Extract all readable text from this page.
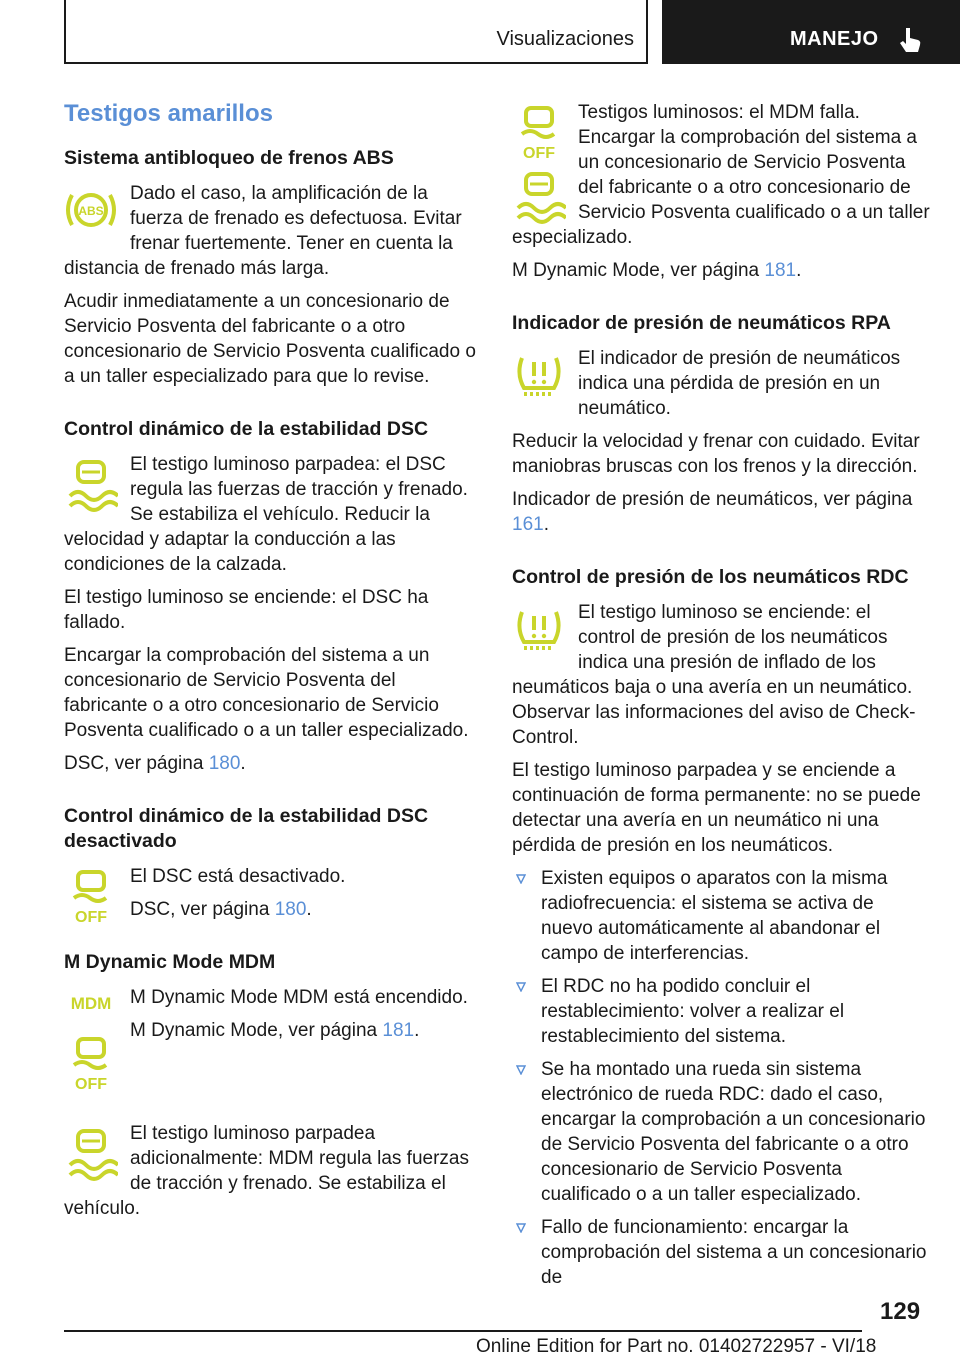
Visualizaciones	MANEJO
Testigos amarillos
Sistema antibloqueo de frenos ABS
ABS

Dado el caso, la amplificación de la fuerza de frenado es defectuosa. Evitar frenar fuertemente. Tener en cuenta la distancia de frenado más larga.

Acudir inmediatamente a un concesionario de Servicio Posventa del fabricante o a otro concesionario de Servicio Posventa cualificado o a un taller especializado para que lo revise.

Control dinámico de la estabilidad DSC

El testigo luminoso parpadea: el DSC regula las fuerzas de tracción y frenado. Se estabiliza el vehículo. Reducir la velocidad y adaptar la conducción a las condiciones de la calzada.

El testigo luminoso se enciende: el DSC ha fallado.

Encargar la comprobación del sistema a un concesionario de Servicio Posventa del fabricante o a otro concesionario de Servicio Posventa cualificado o a un taller especializado.

DSC, ver página 180.

Control dinámico de la estabilidad DSC desactivado
OFF

El DSC está desactivado.

DSC, ver página 180.

M Dynamic Mode MDM
MDM
OFF

M Dynamic Mode MDM está encendido.

M Dynamic Mode, ver página 181.

El testigo luminoso parpadea adicionalmente: MDM regula las fuerzas de tracción y frenado. Se estabiliza el vehículo.

OFF

Testigos luminosos: el MDM falla. Encargar la comprobación del sistema a un concesionario de Servicio Posventa del fabricante o a otro concesionario de Servicio Posventa cualificado o a un taller especializado.

M Dynamic Mode, ver página 181.

Indicador de presión de neumáticos RPA

El indicador de presión de neumáticos indica una pérdida de presión en un neumático.

Reducir la velocidad y frenar con cuidado. Evitar maniobras bruscas con los frenos y la dirección.

Indicador de presión de neumáticos, ver página 161.

Control de presión de los neumáticos RDC

El testigo luminoso se enciende: el control de presión de los neumáticos indica una presión de inflado de los neumáticos baja o una avería en un neumático. Observar las informaciones del aviso de Check-Control.

El testigo luminoso parpadea y se enciende a continuación de forma permanente: no se puede detectar una avería en un neumático ni una pérdida de presión en los neumáticos.

Existen equipos o aparatos con la misma radiofrecuencia: el sistema se activa de nuevo automáticamente al abandonar el campo de interferencias.
El RDC no ha podido concluir el restablecimiento: volver a realizar el restablecimiento del sistema.
Se ha montado una rueda sin sistema electrónico de rueda RDC: dado el caso, encargar la comprobación a un concesionario de Servicio Posventa del fabricante o a otro concesionario de Servicio Posventa cualificado o a un taller especializado.
Fallo de funcionamiento: encargar la comprobación del sistema a un concesionario de
129
Online Edition for Part no. 01402722957 - VI/18
